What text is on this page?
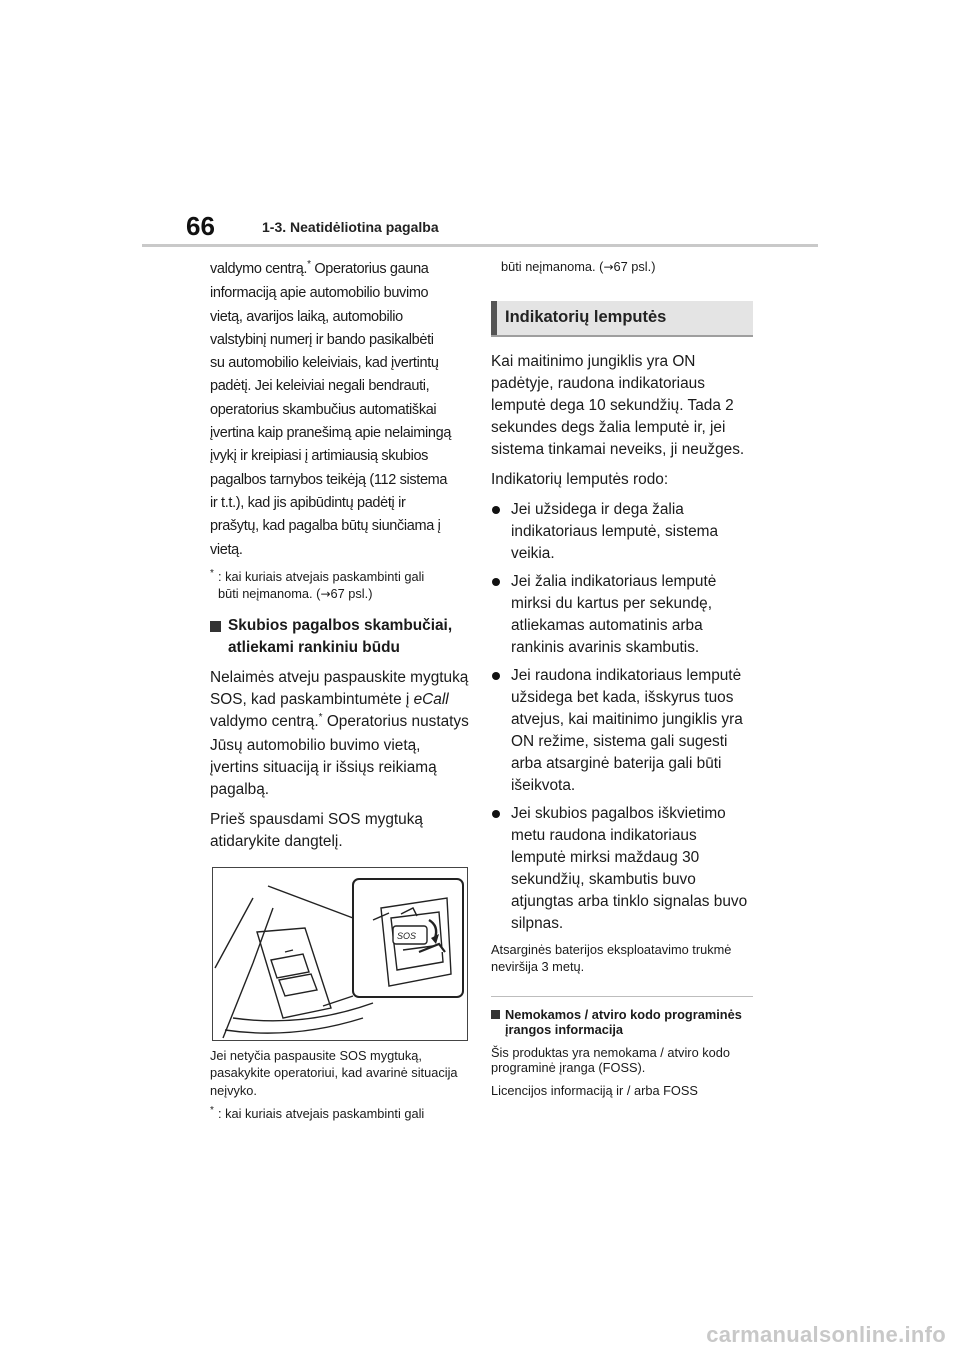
66	1-3. Neatidėliotina pagalba

valdymo centrą.* Operatorius gauna

informaciją apie automobilio buvimo

vietą, avarijos laiką, automobilio

valstybinį numerį ir bando pasikalbėti

su automobilio keleiviais, kad įvertintų

padėtį. Jei keleiviai negali bendrauti,

operatorius skambučius automatiškai

įvertina kaip pranešimą apie nelaimingą

įvykį ir kreipiasi į artimiausią skubios

pagalbos tarnybos teikėją (112 sistema

ir t.t.), kad jis apibūdintų padėtį ir

prašytų, kad pagalba būtų siunčiama į

vietą.

* : kai kuriais atvejais paskambinti gali
būti neįmanoma. (→67 psl.)
Skubios pagalbos skambučiai, atliekami rankiniu būdu

Nelaimės atveju paspauskite mygtuką SOS, kad paskambintumėte į eCall valdymo centrą.* Operatorius nustatys Jūsų automobilio buvimo vietą, įvertins situaciją ir išsiųs reikiamą pagalbą.

Prieš spausdami SOS mygtuką atidarykite dangtelį.

SOS

Jei netyčia paspausite SOS mygtuką, pasakykite operatoriui, kad avarinė situacija neįvyko.

* : kai kuriais atvejais paskambinti gali

būti neįmanoma. (→67 psl.)

Indikatorių lemputės

Kai maitinimo jungiklis yra ON padėtyje, raudona indikatoriaus lemputė dega 10 sekundžių. Tada 2 sekundes degs žalia lemputė ir, jei sistema tinkamai neveiks, ji neužges.

Indikatorių lemputės rodo:

Jei užsidega ir dega žalia indikatoriaus lemputė, sistema veikia.
Jei žalia indikatoriaus lemputė mirksi du kartus per sekundę, atliekamas automatinis arba rankinis avarinis skambutis.
Jei raudona indikatoriaus lemputė užsidega bet kada, išskyrus tuos atvejus, kai maitinimo jungiklis yra ON režime, sistema gali sugesti arba atsarginė baterija gali būti išeikvota.
Jei skubios pagalbos iškvietimo metu raudona indikatoriaus lemputė mirksi maždaug 30 sekundžių, skambutis buvo atjungtas arba tinklo signalas buvo silpnas.

Atsarginės baterijos eksploatavimo trukmė neviršija 3 metų.

Nemokamos / atviro kodo programinės įrangos informacija

Šis produktas yra nemokama / atviro kodo programinė įranga (FOSS).

Licencijos informaciją ir / arba FOSS

carmanualsonline.info
